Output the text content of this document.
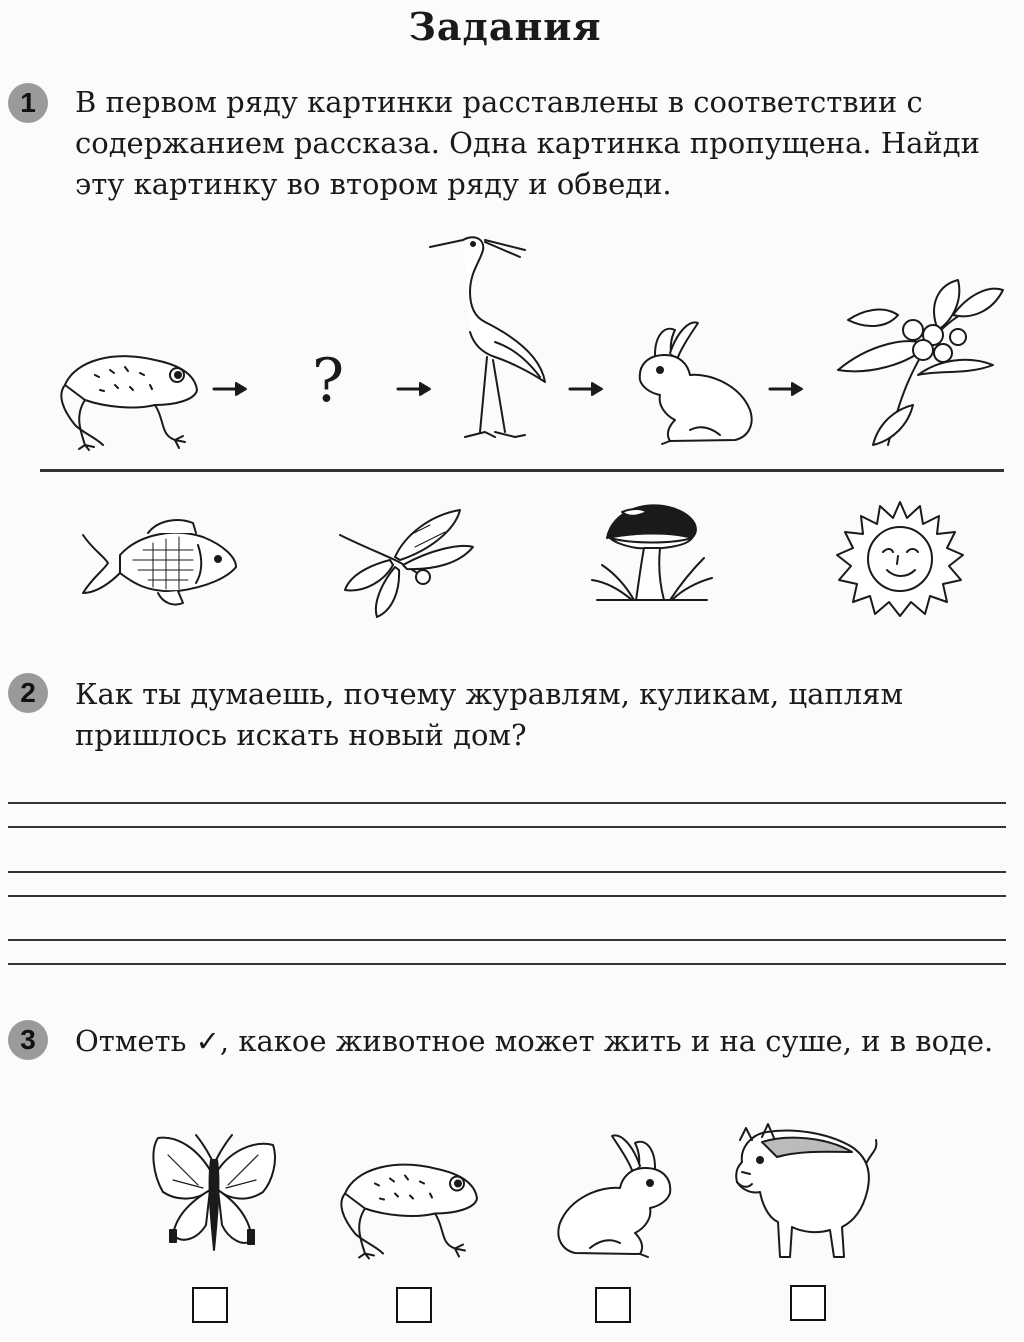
Задания
1	В первом ряду картинки расставлены в соответствии с содержанием рассказа. Одна картинка пропущена. Найди эту картинку во втором ряду и обведи.
?
2	Как ты думаешь, почему журавлям, куликам, цаплям пришлось искать новый дом?
3	Отметь ✓, какое животное может жить и на суше, и в воде.
